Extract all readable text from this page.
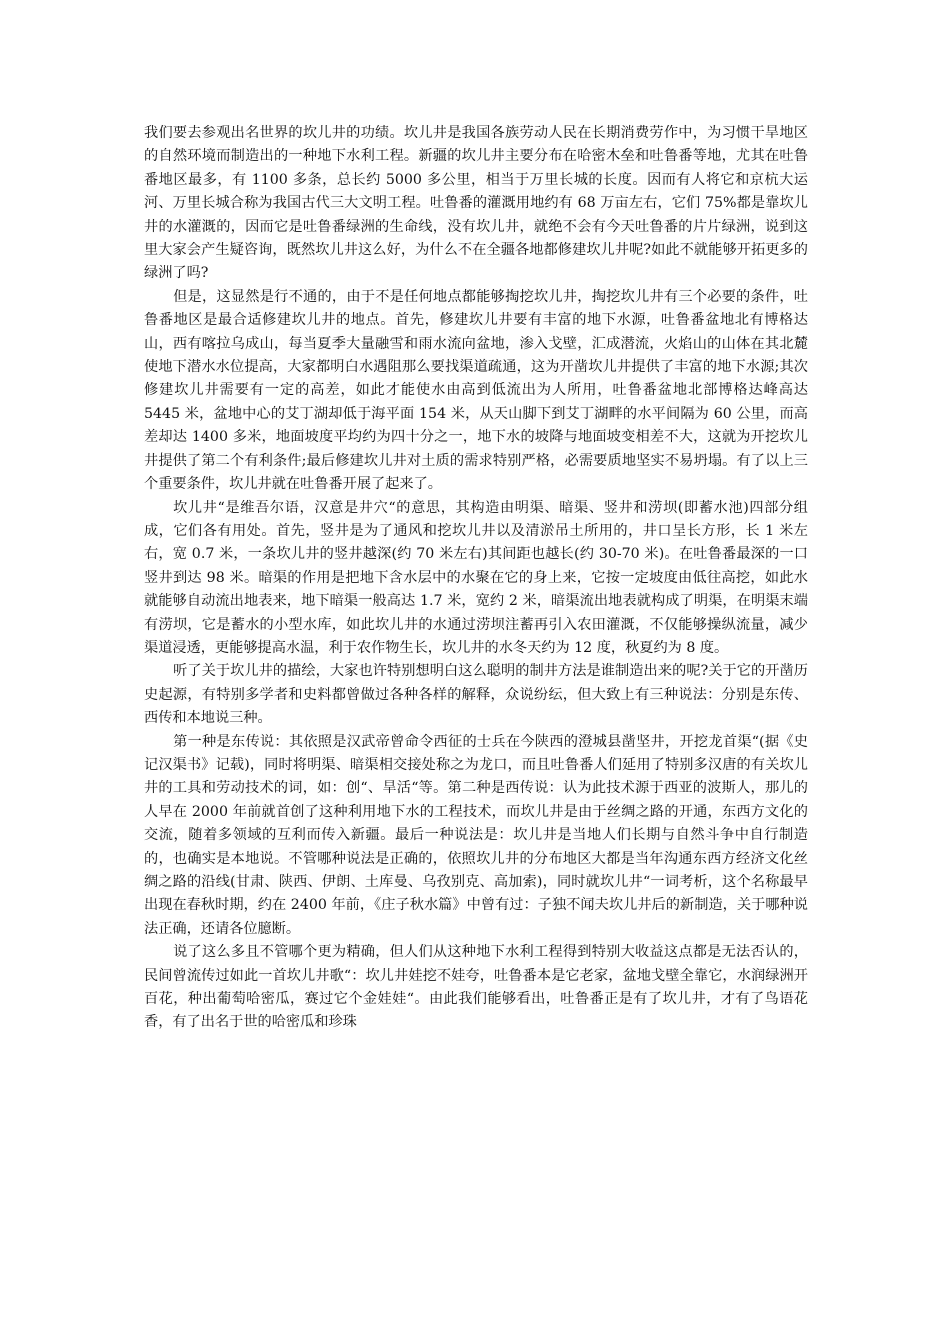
我们要去参观出名世界的坎儿井的功绩。坎儿井是我国各族劳动人民在长期消费劳作中，为习惯干旱地区的自然环境而制造出的一种地下水利工程。新疆的坎儿井主要分布在哈密木垒和吐鲁番等地，尤其在吐鲁番地区最多，有 1100 多条，总长约 5000 多公里，相当于万里长城的长度。因而有人将它和京杭大运河、万里长城合称为我国古代三大文明工程。吐鲁番的灌溉用地约有 68 万亩左右，它们 75%都是靠坎儿井的水灌溉的，因而它是吐鲁番绿洲的生命线，没有坎儿井，就绝不会有今天吐鲁番的片片绿洲，说到这里大家会产生疑咨询，既然坎儿井这么好，为什么不在全疆各地都修建坎儿井呢?如此不就能够开拓更多的绿洲了吗?

但是，这显然是行不通的，由于不是任何地点都能够掏挖坎儿井，掏挖坎儿井有三个必要的条件，吐鲁番地区是最合适修建坎儿井的地点。首先，修建坎儿井要有丰富的地下水源，吐鲁番盆地北有博格达山，西有喀拉乌成山，每当夏季大量融雪和雨水流向盆地，渗入戈壁，汇成潜流，火焰山的山体在其北麓使地下潜水水位提高，大家都明白水遇阻那么要找渠道疏通，这为开凿坎儿井提供了丰富的地下水源;其次修建坎儿井需要有一定的高差，如此才能使水由高到低流出为人所用，吐鲁番盆地北部博格达峰高达 5445 米，盆地中心的艾丁湖却低于海平面 154 米，从天山脚下到艾丁湖畔的水平间隔为 60 公里，而高差却达 1400 多米，地面坡度平均约为四十分之一，地下水的坡降与地面坡变相差不大，这就为开挖坎儿井提供了第二个有利条件;最后修建坎儿井对土质的需求特别严格，必需要质地坚实不易坍塌。有了以上三个重要条件，坎儿井就在吐鲁番开展了起来了。

坎儿井“是维吾尔语，汉意是井穴“的意思，其构造由明渠、暗渠、竖井和涝坝(即蓄水池)四部分组成，它们各有用处。首先，竖井是为了通风和挖坎儿井以及清淤吊土所用的，井口呈长方形，长 1 米左右，宽 0.7 米，一条坎儿井的竖井越深(约 70 米左右)其间距也越长(约 30-70 米)。在吐鲁番最深的一口竖井到达 98 米。暗渠的作用是把地下含水层中的水聚在它的身上来，它按一定坡度由低往高挖，如此水就能够自动流出地表来，地下暗渠一般高达 1.7 米，宽约 2 米，暗渠流出地表就构成了明渠，在明渠末端有涝坝，它是蓄水的小型水库，如此坎儿井的水通过涝坝注蓄再引入农田灌溉，不仅能够操纵流量，减少渠道浸透，更能够提高水温，利于农作物生长，坎儿井的水冬天约为 12 度，秋夏约为 8 度。

听了关于坎儿井的描绘，大家也许特别想明白这么聪明的制井方法是谁制造出来的呢?关于它的开凿历史起源，有特别多学者和史料都曾做过各种各样的解释，众说纷纭，但大致上有三种说法：分别是东传、西传和本地说三种。

第一种是东传说：其依照是汉武帝曾命令西征的士兵在今陕西的澄城县凿坚井，开挖龙首渠“(据《史记汉渠书》记载)，同时将明渠、暗渠相交接处称之为龙口，而且吐鲁番人们延用了特别多汉唐的有关坎儿井的工具和劳动技术的词，如：创“、旱活“等。第二种是西传说：认为此技术源于西亚的波斯人，那儿的人早在 2000 年前就首创了这种利用地下水的工程技术，而坎儿井是由于丝绸之路的开通，东西方文化的交流，随着多领域的互利而传入新疆。最后一种说法是：坎儿井是当地人们长期与自然斗争中自行制造的，也确实是本地说。不管哪种说法是正确的，依照坎儿井的分布地区大都是当年沟通东西方经济文化丝绸之路的沿线(甘肃、陕西、伊朗、土库曼、乌孜别克、高加索)，同时就坎儿井“一词考析，这个名称最早出现在春秋时期，约在 2400 年前，《庄子秋水篇》中曾有过：子独不闻夫坎儿井后的新制造，关于哪种说法正确，还请各位臆断。

说了这么多且不管哪个更为精确，但人们从这种地下水利工程得到特别大收益这点都是无法否认的，民间曾流传过如此一首坎儿井歌“：坎儿井娃挖不娃夸，吐鲁番本是它老家，盆地戈壁全靠它，水润绿洲开百花，种出葡萄哈密瓜，赛过它个金娃娃“。由此我们能够看出，吐鲁番正是有了坎儿井，才有了鸟语花香，有了出名于世的哈密瓜和珍珠
